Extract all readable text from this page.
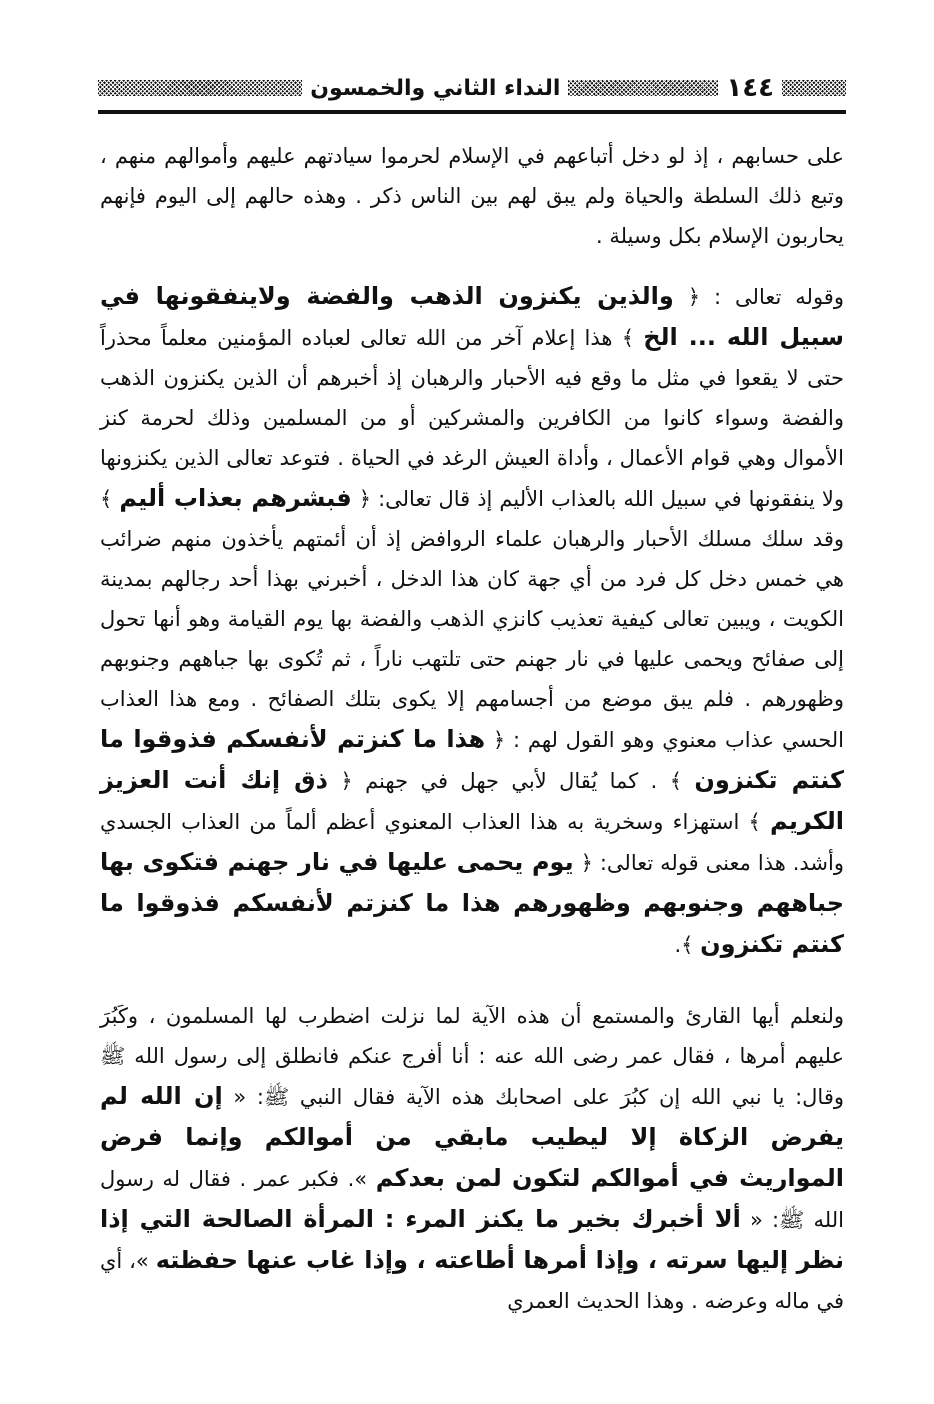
١٤٤
النداء الثاني والخمسون

على حسابهم ، إذ لو دخل أتباعهم في الإسلام لحرموا سيادتهم عليهم وأموالهم منهم ، وتبع ذلك السلطة والحياة ولم يبق لهم بين الناس ذكر . وهذه حالهم إلى اليوم فإنهم يحاربون الإسلام بكل وسيلة .

وقوله تعالى : ﴿ والذين يكنزون الذهب والفضة ولاينفقونها في سبيل الله ... الخ ﴾ هذا إعلام آخر من الله تعالى لعباده المؤمنين معلماً محذراً حتى لا يقعوا في مثل ما وقع فيه الأحبار والرهبان إذ أخبرهم أن الذين يكنزون الذهب والفضة وسواء كانوا من الكافرين والمشركين أو من المسلمين وذلك لحرمة كنز الأموال وهي قوام الأعمال ، وأداة العيش الرغد في الحياة . فتوعد تعالى الذين يكنزونها ولا ينفقونها في سبيل الله بالعذاب الأليم إذ قال تعالى: ﴿ فبشرهم بعذاب أليم ﴾ وقد سلك مسلك الأحبار والرهبان علماء الروافض إذ أن أئمتهم يأخذون منهم ضرائب هي خمس دخل كل فرد من أي جهة كان هذا الدخل ، أخبرني بهذا أحد رجالهم بمدينة الكويت ، ويبين تعالى كيفية تعذيب كانزي الذهب والفضة بها يوم القيامة وهو أنها تحول إلى صفائح ويحمى عليها في نار جهنم حتى تلتهب ناراً ، ثم تُكوى بها جباههم وجنوبهم وظهورهم . فلم يبق موضع من أجسامهم إلا يكوى بتلك الصفائح . ومع هذا العذاب الحسي عذاب معنوي وهو القول لهم : ﴿ هذا ما كنزتم لأنفسكم فذوقوا ما كنتم تكنزون ﴾ . كما يُقال لأبي جهل في جهنم ﴿ ذق إنك أنت العزيز الكريم ﴾ استهزاء وسخرية به هذا العذاب المعنوي أعظم ألماً من العذاب الجسدي وأشد. هذا معنى قوله تعالى: ﴿ يوم يحمى عليها في نار جهنم فتكوى بها جباههم وجنوبهم وظهورهم هذا ما كنزتم لأنفسكم فذوقوا ما كنتم تكنزون ﴾.

ولنعلم أيها القارئ والمستمع أن هذه الآية لما نزلت اضطرب لها المسلمون ، وكَبُرَ عليهم أمرها ، فقال عمر رضى الله عنه : أنا أفرج عنكم فانطلق إلى رسول الله ﷺ وقال: يا نبي الله إن كبُرَ على اصحابك هذه الآية فقال النبي ﷺ: « إن الله لم يفرض الزكاة إلا ليطيب مابقي من أموالكم وإنما فرض المواريث في أموالكم لتكون لمن بعدكم ». فكبر عمر . فقال له رسول الله ﷺ: « ألا أخبرك بخير ما يكنز المرء : المرأة الصالحة التي إذا نظر إليها سرته ، وإذا أمرها أطاعته ، وإذا غاب عنها حفظته »، أي في ماله وعرضه . وهذا الحديث العمري
